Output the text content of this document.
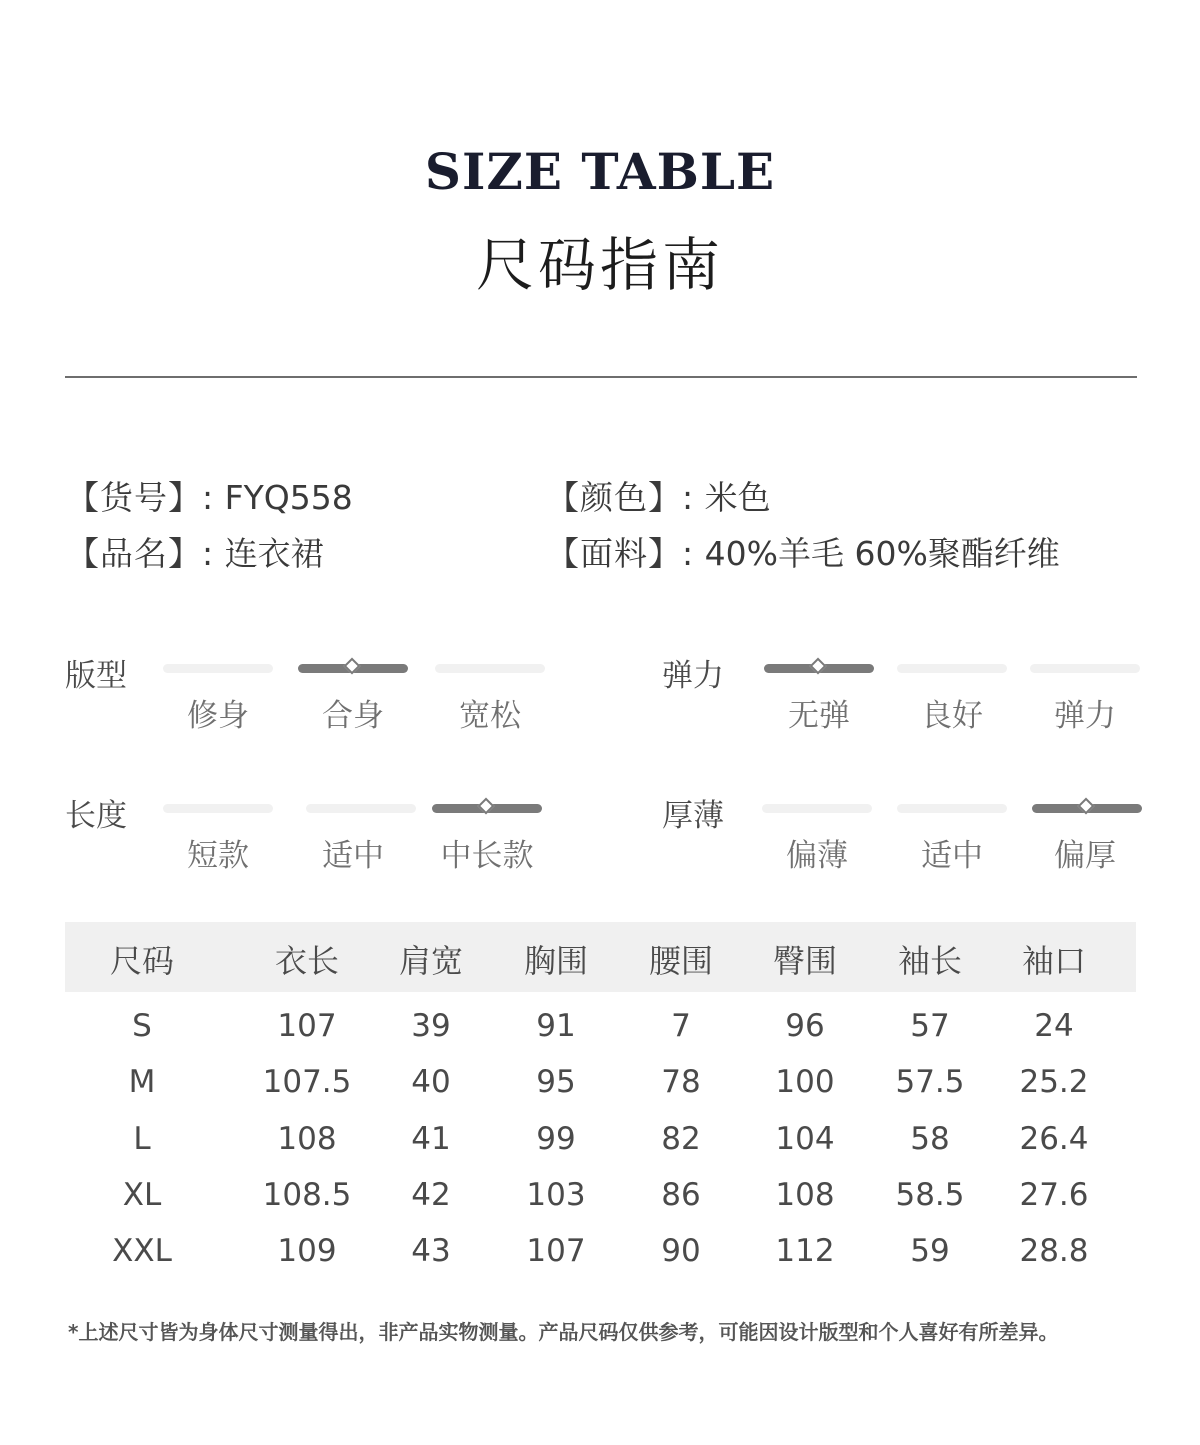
SIZE TABLE
尺码指南
【货号】: FYQ558	【颜色】: 米色
【品名】: 连衣裙	【面料】: 40%羊毛 60%聚酯纤维
版型
修身	合身	宽松
弹力
无弹	良好	弹力
长度
短款	适中	中长款
厚薄
偏薄	适中	偏厚
尺码	衣长	肩宽	胸围	腰围	臀围	袖长	袖口
S	107	39	91	7	96	57	24
M	107.5	40	95	78	100	57.5	25.2
L	108	41	99	82	104	58	26.4
XL	108.5	42	103	86	108	58.5	27.6
XXL	109	43	107	90	112	59	28.8
*上述尺寸皆为身体尺寸测量得出，非产品实物测量。产品尺码仅供参考，可能因设计版型和个人喜好有所差异。
